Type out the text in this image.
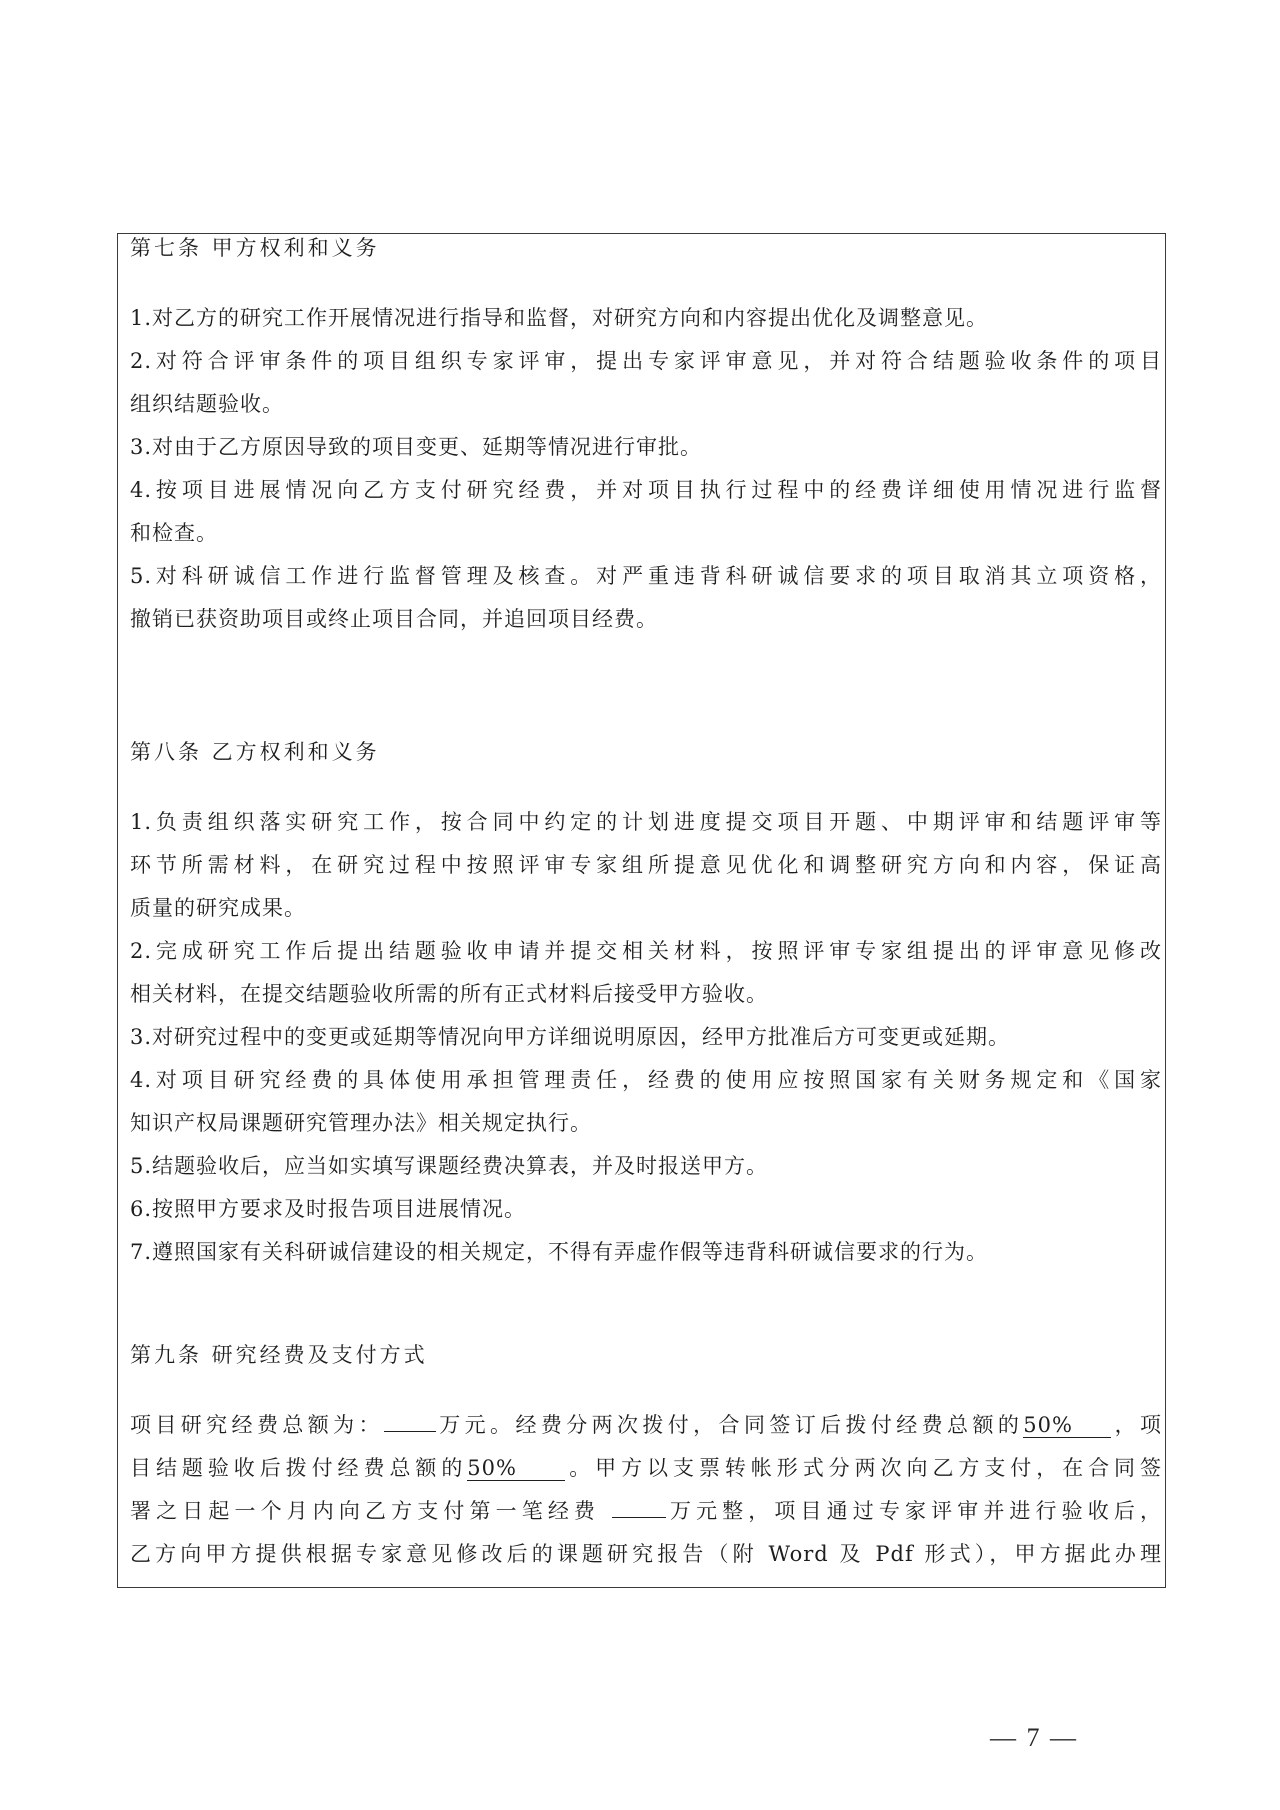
第七条 甲方权利和义务
1.对乙方的研究工作开展情况进行指导和监督，对研究方向和内容提出优化及调整意见。
2.对符合评审条件的项目组织专家评审，提出专家评审意见，并对符合结题验收条件的项目
组织结题验收。
3.对由于乙方原因导致的项目变更、延期等情况进行审批。
4.按项目进展情况向乙方支付研究经费，并对项目执行过程中的经费详细使用情况进行监督
和检查。
5.对科研诚信工作进行监督管理及核查。对严重违背科研诚信要求的项目取消其立项资格，
撤销已获资助项目或终止项目合同，并追回项目经费。
第八条 乙方权利和义务
1.负责组织落实研究工作，按合同中约定的计划进度提交项目开题、中期评审和结题评审等
环节所需材料，在研究过程中按照评审专家组所提意见优化和调整研究方向和内容，保证高
质量的研究成果。
2.完成研究工作后提出结题验收申请并提交相关材料，按照评审专家组提出的评审意见修改
相关材料，在提交结题验收所需的所有正式材料后接受甲方验收。
3.对研究过程中的变更或延期等情况向甲方详细说明原因，经甲方批准后方可变更或延期。
4.对项目研究经费的具体使用承担管理责任，经费的使用应按照国家有关财务规定和《国家
知识产权局课题研究管理办法》相关规定执行。
5.结题验收后，应当如实填写课题经费决算表，并及时报送甲方。
6.按照甲方要求及时报告项目进展情况。
7.遵照国家有关科研诚信建设的相关规定，不得有弄虚作假等违背科研诚信要求的行为。
第九条 研究经费及支付方式
项目研究经费总额为： 万元。经费分两次拨付，合同签订后拨付经费总额的50% ，项
目结题验收后拨付经费总额的50% 。甲方以支票转帐形式分两次向乙方支付，在合同签
署之日起一个月内向乙方支付第一笔经费	万元整，项目通过专家评审并进行验收后，
乙方向甲方提供根据专家意见修改后的课题研究报告（附 Word 及 Pdf 形式），甲方据此办理
— 7 —
